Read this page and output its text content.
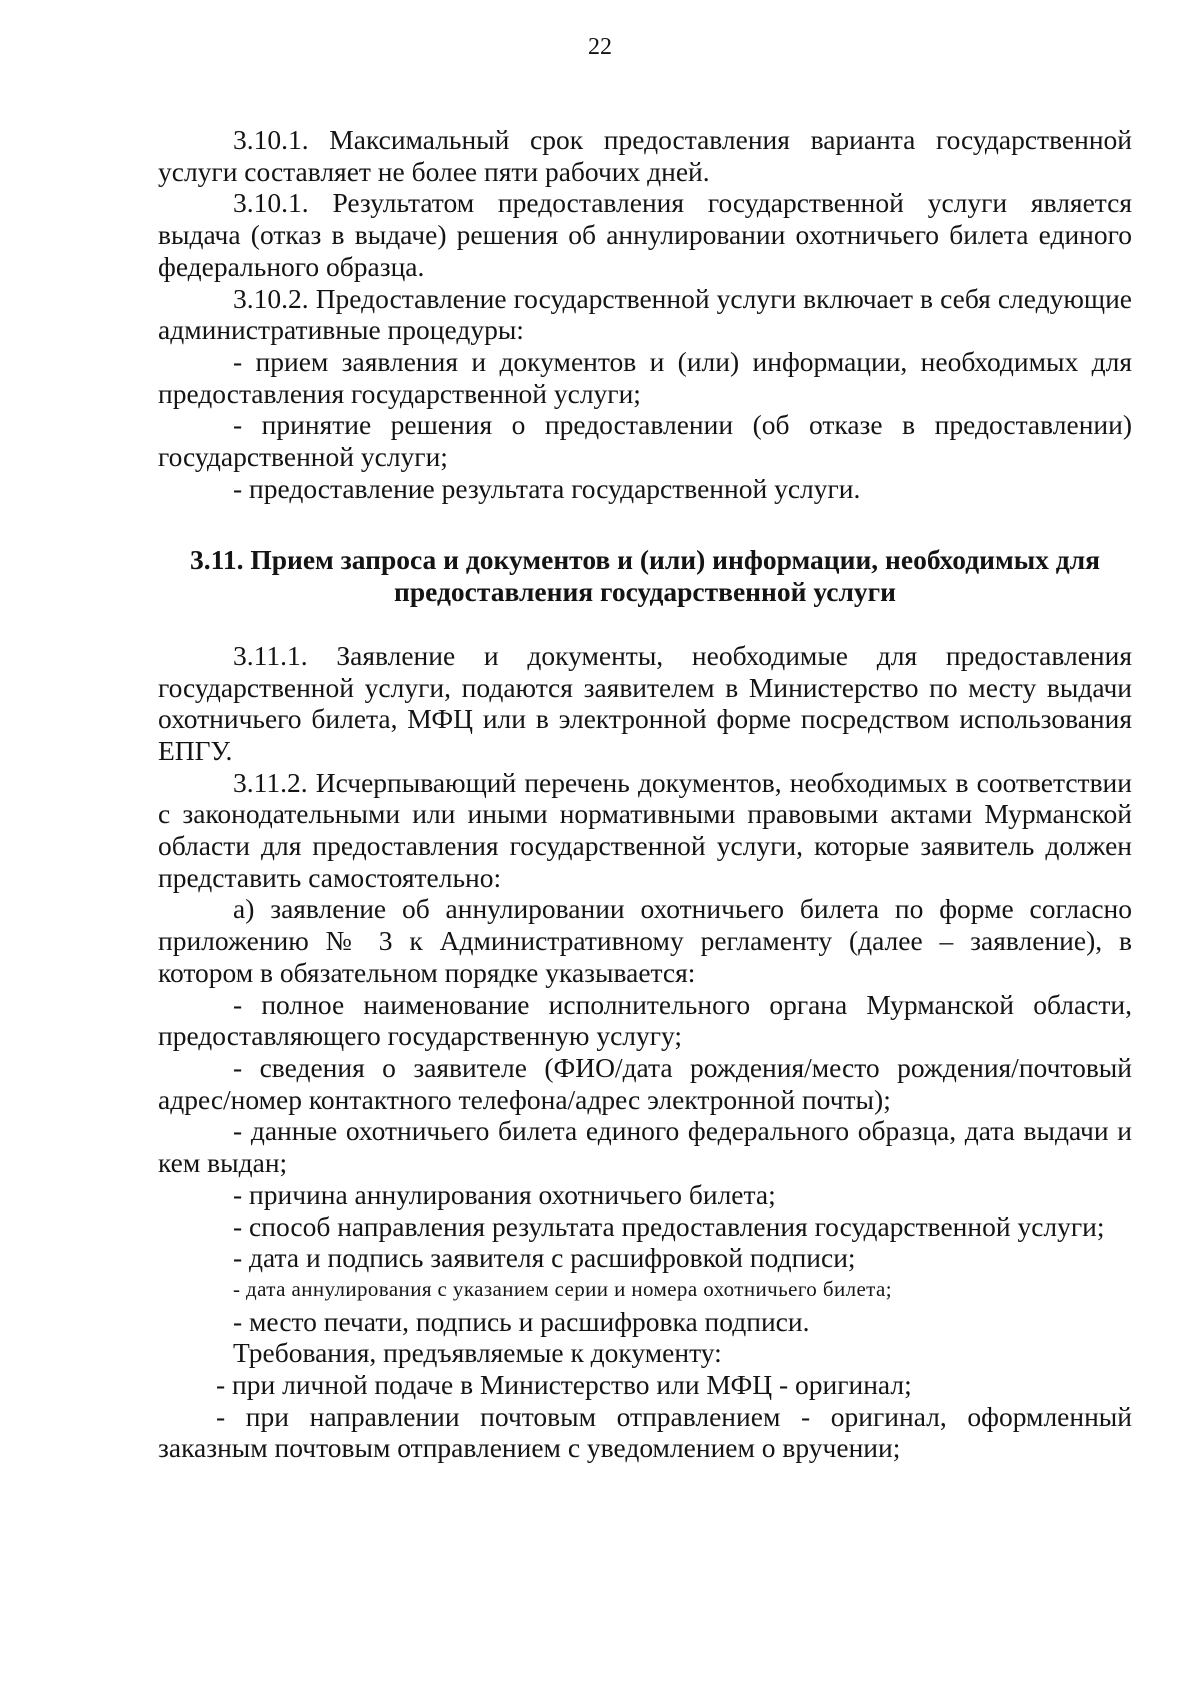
22

3.10.1. Максимальный срок предоставления варианта государственной услуги составляет не более пяти рабочих дней.

3.10.1. Результатом предоставления государственной услуги является выдача (отказ в выдаче) решения об аннулировании охотничьего билета единого федерального образца.

3.10.2. Предоставление государственной услуги включает в себя следующие административные процедуры:

- прием заявления и документов и (или) информации, необходимых для предоставления государственной услуги;

- принятие решения о предоставлении (об отказе в предоставлении) государственной услуги;

- предоставление результата государственной услуги.

3.11. Прием запроса и документов и (или) информации, необходимых для предоставления государственной услуги

3.11.1. Заявление и документы, необходимые для предоставления государственной услуги, подаются заявителем в Министерство по месту выдачи охотничьего билета, МФЦ или в электронной форме посредством использования ЕПГУ.

3.11.2. Исчерпывающий перечень документов, необходимых в соответствии с законодательными или иными нормативными правовыми актами Мурманской области для предоставления государственной услуги, которые заявитель должен представить самостоятельно:

а) заявление об аннулировании охотничьего билета по форме согласно приложению № 3 к Административному регламенту (далее – заявление), в котором в обязательном порядке указывается:

- полное наименование исполнительного органа Мурманской области, предоставляющего государственную услугу;

- сведения о заявителе (ФИО/дата рождения/место рождения/почтовый адрес/номер контактного телефона/адрес электронной почты);

- данные охотничьего билета единого федерального образца, дата выдачи и кем выдан;

- причина аннулирования охотничьего билета;

- способ направления результата предоставления государственной услуги;

- дата и подпись заявителя с расшифровкой подписи;

- дата аннулирования с указанием серии и номера охотничьего билета;

- место печати, подпись и расшифровка подписи.

Требования, предъявляемые к документу:

- при личной подаче в Министерство или МФЦ - оригинал;

- при направлении почтовым отправлением - оригинал, оформленный заказным почтовым отправлением с уведомлением о вручении;
